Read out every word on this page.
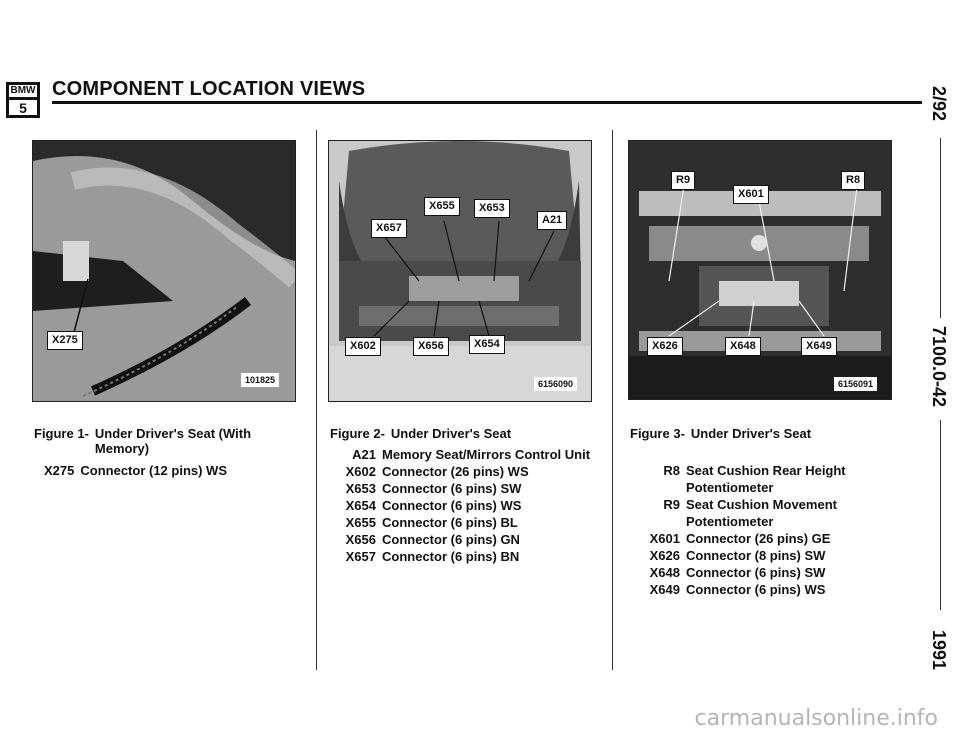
BMW
5
COMPONENT LOCATION VIEWS	2/92
7100.0-42
1991
X275
101825
X655	X653
X657
A21
X602	X656	X654
6156090
R9
X601
R8
X626	X648	X649
6156091
Figure 1- Under Driver's Seat (With
Memory)
X275 Connector (12 pins) WS
Figure 2- Under Driver's Seat
A21 Memory Seat/Mirrors Control Unit
X602 Connector (26 pins) WS
X653 Connector (6 pins) SW
X654 Connector (6 pins) WS
X655 Connector (6 pins) BL
X656 Connector (6 pins) GN
X657 Connector (6 pins) BN
Figure 3- Under Driver's Seat
R8 Seat Cushion Rear Height
Potentiometer
R9 Seat Cushion Movement
Potentiometer
X601 Connector (26 pins) GE
X626 Connector (8 pins) SW
X648 Connector (6 pins) SW
X649 Connector (6 pins) WS
carmanualsonline.info
